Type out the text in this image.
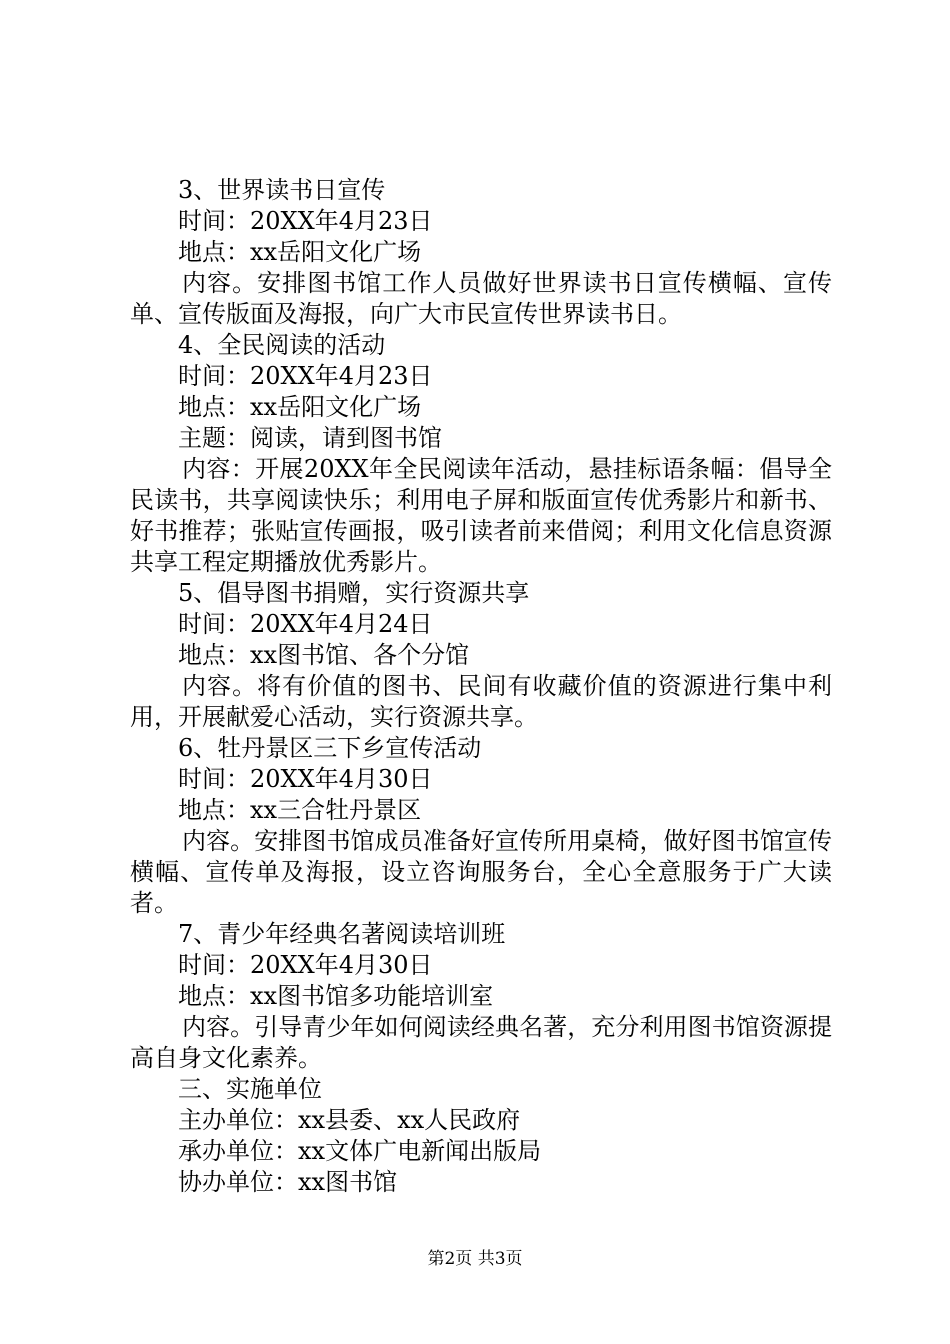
3、世界读书日宣传

时间：20XX年4月23日

地点：xx岳阳文化广场

内容。安排图书馆工作人员做好世界读书日宣传横幅、宣传单、宣传版面及海报，向广大市民宣传世界读书日。

4、全民阅读的活动

时间：20XX年4月23日

地点：xx岳阳文化广场

主题：阅读，请到图书馆

内容：开展20XX年全民阅读年活动，悬挂标语条幅：倡导全民读书，共享阅读快乐；利用电子屏和版面宣传优秀影片和新书、好书推荐；张贴宣传画报，吸引读者前来借阅；利用文化信息资源共享工程定期播放优秀影片。

5、倡导图书捐赠，实行资源共享

时间：20XX年4月24日

地点：xx图书馆、各个分馆

内容。将有价值的图书、民间有收藏价值的资源进行集中利用，开展献爱心活动，实行资源共享。

6、牡丹景区三下乡宣传活动

时间：20XX年4月30日

地点：xx三合牡丹景区

内容。安排图书馆成员准备好宣传所用桌椅，做好图书馆宣传横幅、宣传单及海报，设立咨询服务台，全心全意服务于广大读者。

7、青少年经典名著阅读培训班

时间：20XX年4月30日

地点：xx图书馆多功能培训室

内容。引导青少年如何阅读经典名著，充分利用图书馆资源提高自身文化素养。

三、实施单位

主办单位：xx县委、xx人民政府

承办单位：xx文体广电新闻出版局

协办单位：xx图书馆

第2页 共3页
